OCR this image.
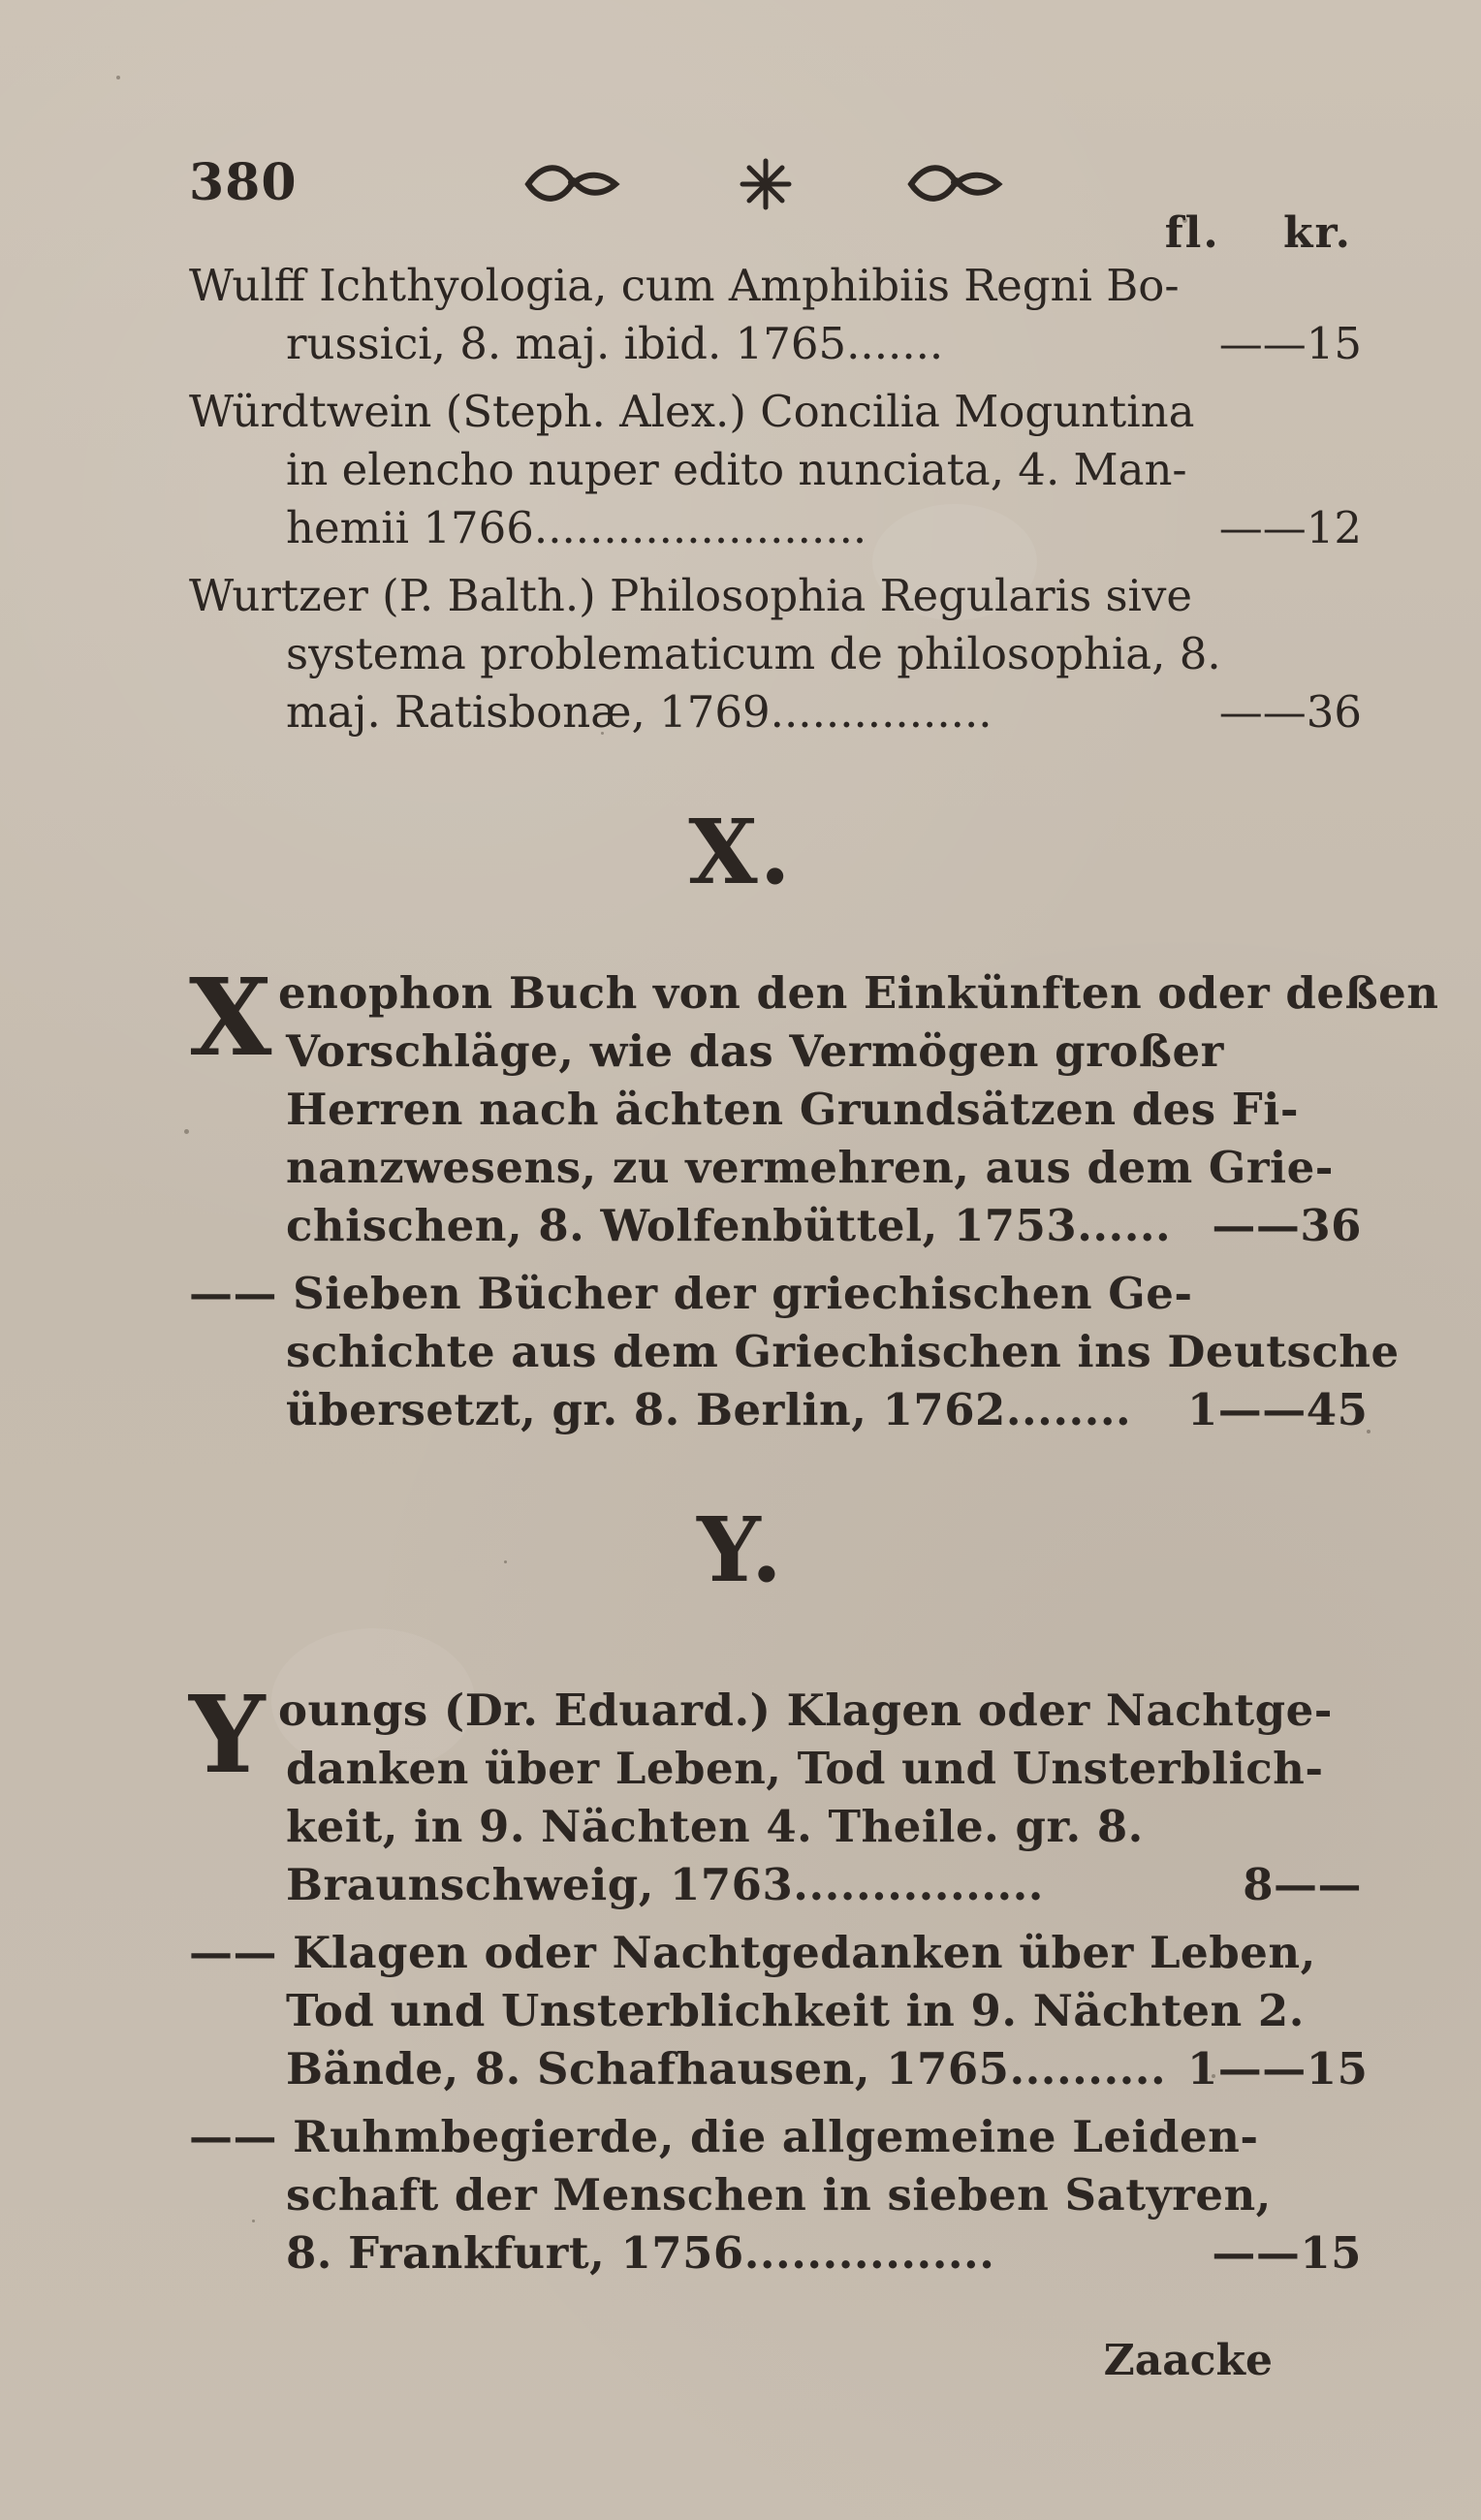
380
fl. kr.
Wulff Ichthyologia, cum Amphibiis Regni Bo-
russici, 8. maj. ibid. 1765.......	——15
Würdtwein (Steph. Alex.) Concilia Moguntina
in elencho nuper edito nunciata, 4. Man-
hemii 1766........................	——12
Wurtzer (P. Balth.) Philosophia Regularis sive
systema problematicum de philosophia, 8.
maj. Ratisbonæ, 1769................	——36
X.
X enophon Buch von den Einkünften oder deßen
Vorschläge, wie das Vermögen großer
Herren nach ächten Grundsätzen des Fi-
nanzwesens, zu vermehren, aus dem Grie-
chischen, 8. Wolfenbüttel, 1753...... ——36
—— Sieben Bücher der griechischen Ge-
schichte aus dem Griechischen ins Deutsche
übersetzt, gr. 8. Berlin, 1762........	1——45
Y.
Y oungs (Dr. Eduard.) Klagen oder Nachtge-
danken über Leben, Tod und Unsterblich-
keit, in 9. Nächten 4. Theile. gr. 8.
Braunschweig, 1763................	8——
—— Klagen oder Nachtgedanken über Leben,
Tod und Unsterblichkeit in 9. Nächten 2.
Bände, 8. Schafhausen, 1765.......... 1——15
—— Ruhmbegierde, die allgemeine Leiden-
schaft der Menschen in sieben Satyren,
8. Frankfurt, 1756................	——15
Zaacke
